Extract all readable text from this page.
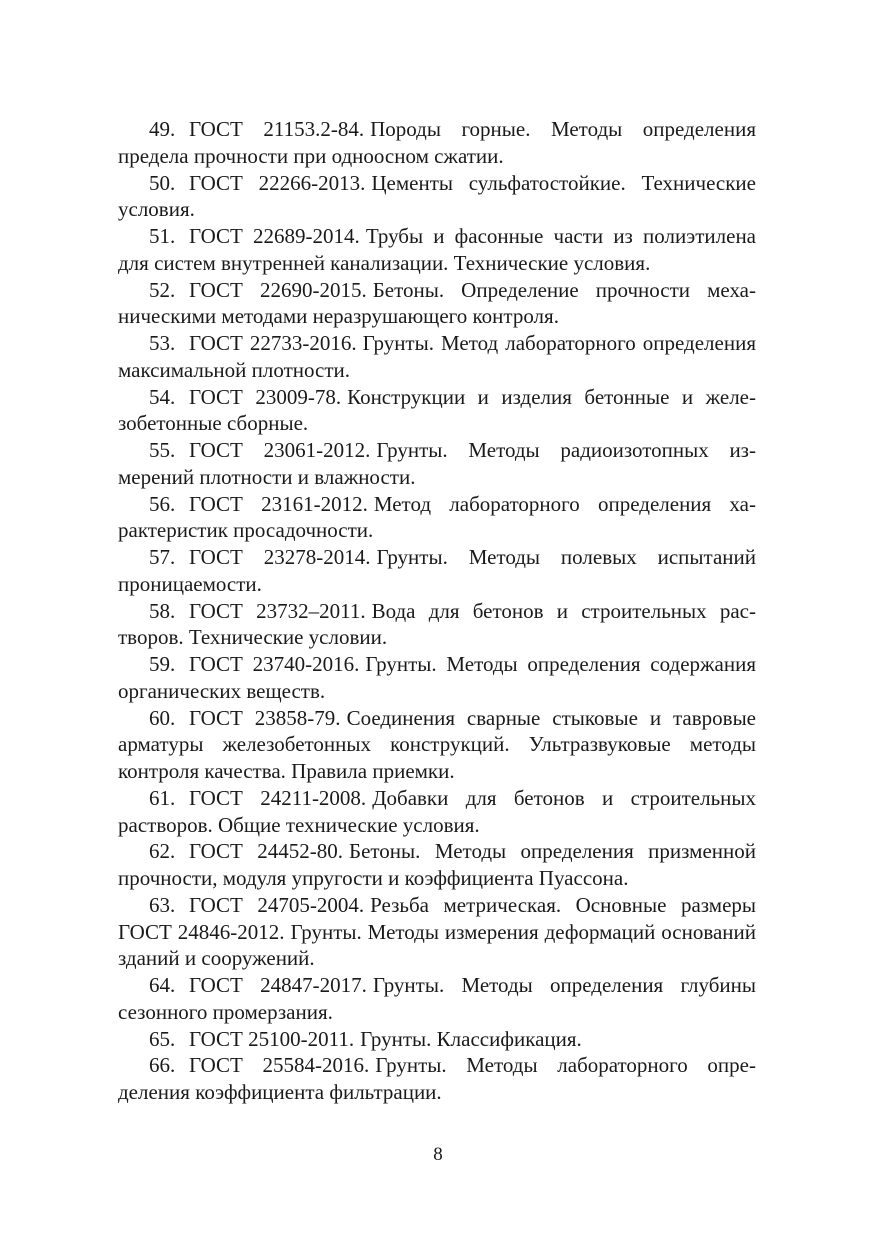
49. ГОСТ 21153.2-84. Породы горные. Методы определения предела прочности при одноосном сжатии.
50. ГОСТ 22266-2013. Цементы сульфатостойкие. Технические условия.
51. ГОСТ 22689-2014. Трубы и фасонные части из полиэтилена для систем внутренней канализации. Технические условия.
52. ГОСТ 22690-2015. Бетоны. Определение прочности механическими методами неразрушающего контроля.
53. ГОСТ 22733-2016. Грунты. Метод лабораторного определения максимальной плотности.
54. ГОСТ 23009-78. Конструкции и изделия бетонные и железобетонные сборные.
55. ГОСТ 23061-2012. Грунты. Методы радиоизотопных измерений плотности и влажности.
56. ГОСТ 23161-2012. Метод лабораторного определения характеристик просадочности.
57. ГОСТ 23278-2014. Грунты. Методы полевых испытаний проницаемости.
58. ГОСТ 23732–2011. Вода для бетонов и строительных растворов. Технические условии.
59. ГОСТ 23740-2016. Грунты. Методы определения содержания органических веществ.
60. ГОСТ 23858-79. Соединения сварные стыковые и тавровые арматуры железобетонных конструкций. Ультразвуковые методы контроля качества. Правила приемки.
61. ГОСТ 24211-2008. Добавки для бетонов и строительных растворов. Общие технические условия.
62. ГОСТ 24452-80. Бетоны. Методы определения призменной прочности, модуля упругости и коэффициента Пуассона.
63. ГОСТ 24705-2004. Резьба метрическая. Основные размеры ГОСТ 24846-2012. Грунты. Методы измерения деформаций оснований зданий и сооружений.
64. ГОСТ 24847-2017. Грунты. Методы определения глубины сезонного промерзания.
65. ГОСТ 25100-2011. Грунты. Классификация.
66. ГОСТ 25584-2016. Грунты. Методы лабораторного определения коэффициента фильтрации.
8
